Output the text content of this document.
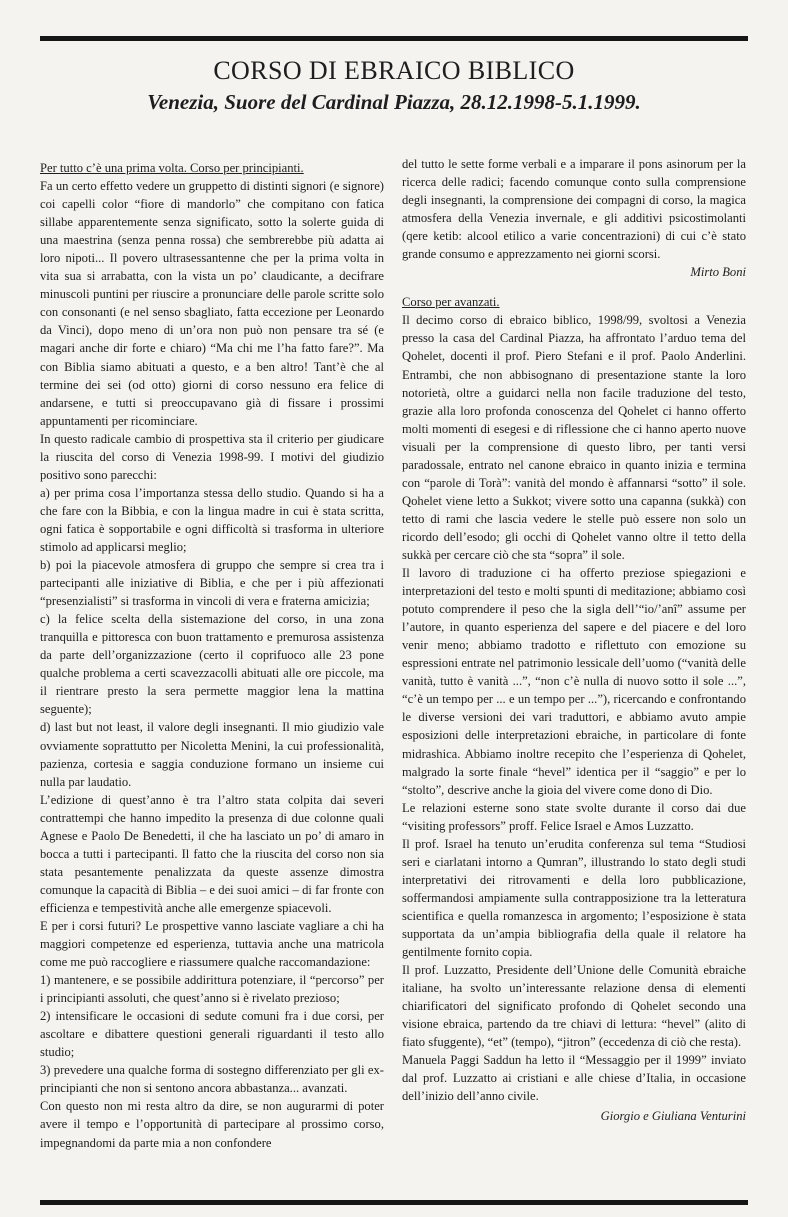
CORSO DI EBRAICO BIBLICO
Venezia, Suore del Cardinal Piazza, 28.12.1998-5.1.1999.

Per tutto c’è una prima volta. Corso per principianti.

Fa un certo effetto vedere un gruppetto di distinti signori (e signore) coi capelli color “fiore di mandorlo” che compitano con fatica sillabe apparentemente senza significato, sotto la solerte guida di una maestrina (senza penna rossa) che sembrerebbe più adatta ai loro nipoti... Il povero ultrasessantenne che per la prima volta in vita sua si arrabatta, con la vista un po’ claudicante, a decifrare minuscoli puntini per riuscire a pronunciare delle parole scritte solo con consonanti (e nel senso sbagliato, fatta eccezione per Leonardo da Vinci), dopo meno di un’ora non può non pensare tra sé (e magari anche dir forte e chiaro) “Ma chi me l’ha fatto fare?”. Ma con Biblia siamo abituati a questo, e a ben altro! Tant’è che al termine dei sei (od otto) giorni di corso nessuno era felice di andarsene, e tutti si preoccupavano già di fissare i prossimi appuntamenti per ricominciare.

In questo radicale cambio di prospettiva sta il criterio per giudicare la riuscita del corso di Venezia 1998-99. I motivi del giudizio positivo sono parecchi:

a) per prima cosa l’importanza stessa dello studio. Quando si ha a che fare con la Bibbia, e con la lingua madre in cui è stata scritta, ogni fatica è sopportabile e ogni difficoltà si trasforma in ulteriore stimolo ad applicarsi meglio;

b) poi la piacevole atmosfera di gruppo che sempre si crea tra i partecipanti alle iniziative di Biblia, e che per i più affezionati “presenzialisti” si trasforma in vincoli di vera e fraterna amicizia;

c) la felice scelta della sistemazione del corso, in una zona tranquilla e pittoresca con buon trattamento e premurosa assistenza da parte dell’organizzazione (certo il coprifuoco alle 23 pone qualche problema a certi scavezzacolli abituati alle ore piccole, ma il rientrare presto la sera permette maggior lena la mattina seguente);

d) last but not least, il valore degli insegnanti. Il mio giudizio vale ovviamente soprattutto per Nicoletta Menini, la cui professionalità, pazienza, cortesia e saggia conduzione formano un insieme cui nulla par laudatio.

L’edizione di quest’anno è tra l’altro stata colpita dai severi contrattempi che hanno impedito la presenza di due colonne quali Agnese e Paolo De Benedetti, il che ha lasciato un po’ di amaro in bocca a tutti i partecipanti. Il fatto che la riuscita del corso non sia stata pesantemente penalizzata da queste assenze dimostra comunque la capacità di Biblia – e dei suoi amici – di far fronte con efficienza e tempestività anche alle emergenze spiacevoli.

E per i corsi futuri? Le prospettive vanno lasciate vagliare a chi ha maggiori competenze ed esperienza, tuttavia anche una matricola come me può raccogliere e riassumere qualche raccomandazione:

1) mantenere, e se possibile addirittura potenziare, il “percorso” per i principianti assoluti, che quest’anno si è rivelato prezioso;

2) intensificare le occasioni di sedute comuni fra i due corsi, per ascoltare e dibattere questioni generali riguardanti il testo allo studio;

3) prevedere una qualche forma di sostegno differenziato per gli ex-principianti che non si sentono ancora abbastanza... avanzati.

Con questo non mi resta altro da dire, se non augurarmi di poter avere il tempo e l’opportunità di partecipare al prossimo corso, impegnandomi da parte mia a non confondere

del tutto le sette forme verbali e a imparare il pons asinorum per la ricerca delle radici; facendo comunque conto sulla comprensione degli insegnanti, la comprensione dei compagni di corso, la magica atmosfera della Venezia invernale, e gli additivi psicostimolanti (qere ketib: alcool etilico a varie concentrazioni) di cui c’è stato grande consumo e apprezzamento nei giorni scorsi.

Mirto Boni

Corso per avanzati.

Il decimo corso di ebraico biblico, 1998/99, svoltosi a Venezia presso la casa del Cardinal Piazza, ha affrontato l’arduo tema del Qohelet, docenti il prof. Piero Stefani e il prof. Paolo Anderlini. Entrambi, che non abbisognano di presentazione stante la loro notorietà, oltre a guidarci nella non facile traduzione del testo, grazie alla loro profonda conoscenza del Qohelet ci hanno offerto molti momenti di esegesi e di riflessione che ci hanno aperto nuove visuali per la comprensione di questo libro, per tanti versi paradossale, entrato nel canone ebraico in quanto inizia e termina con “parole di Torà”: vanità del mondo è affannarsi “sotto” il sole. Qohelet viene letto a Sukkot; vivere sotto una capanna (sukkà) con tetto di rami che lascia vedere le stelle può essere non solo un ricordo dell’esodo; gli occhi di Qohelet vanno oltre il tetto della sukkà per cercare ciò che sta “sopra” il sole.

Il lavoro di traduzione ci ha offerto preziose spiegazioni e interpretazioni del testo e molti spunti di meditazione; abbiamo così potuto comprendere il peso che la sigla dell’“io/’anî” assume per l’autore, in quanto esperienza del sapere e del piacere e del loro venir meno; abbiamo tradotto e riflettuto con emozione su espressioni entrate nel patrimonio lessicale dell’uomo (“vanità delle vanità, tutto è vanità ...”, “non c’è nulla di nuovo sotto il sole ...”, “c’è un tempo per ... e un tempo per ...”), ricercando e confrontando le diverse versioni dei vari traduttori, e abbiamo avuto ampie esposizioni delle interpretazioni ebraiche, in particolare di fonte midrashica. Abbiamo inoltre recepito che l’esperienza di Qohelet, malgrado la sorte finale “hevel” identica per il “saggio” e per lo “stolto”, descrive anche la gioia del vivere come dono di Dio.

Le relazioni esterne sono state svolte durante il corso dai due “visiting professors” proff. Felice Israel e Amos Luzzatto.

Il prof. Israel ha tenuto un’erudita conferenza sul tema “Studiosi seri e ciarlatani intorno a Qumran”, illustrando lo stato degli studi interpretativi dei ritrovamenti e della loro pubblicazione, soffermandosi ampiamente sulla contrapposizione tra la letteratura scientifica e quella romanzesca in argomento; l’esposizione è stata supportata da un’ampia bibliografia della quale il relatore ha gentilmente fornito copia.

Il prof. Luzzatto, Presidente dell’Unione delle Comunità ebraiche italiane, ha svolto un’interessante relazione densa di elementi chiarificatori del significato profondo di Qohelet secondo una visione ebraica, partendo da tre chiavi di lettura: “hevel” (alito di fiato sfuggente), “et” (tempo), “jitron” (eccedenza di ciò che resta).

Manuela Paggi Saddun ha letto il “Messaggio per il 1999” inviato dal prof. Luzzatto ai cristiani e alle chiese d’Italia, in occasione dell’inizio dell’anno civile.

Giorgio e Giuliana Venturini
